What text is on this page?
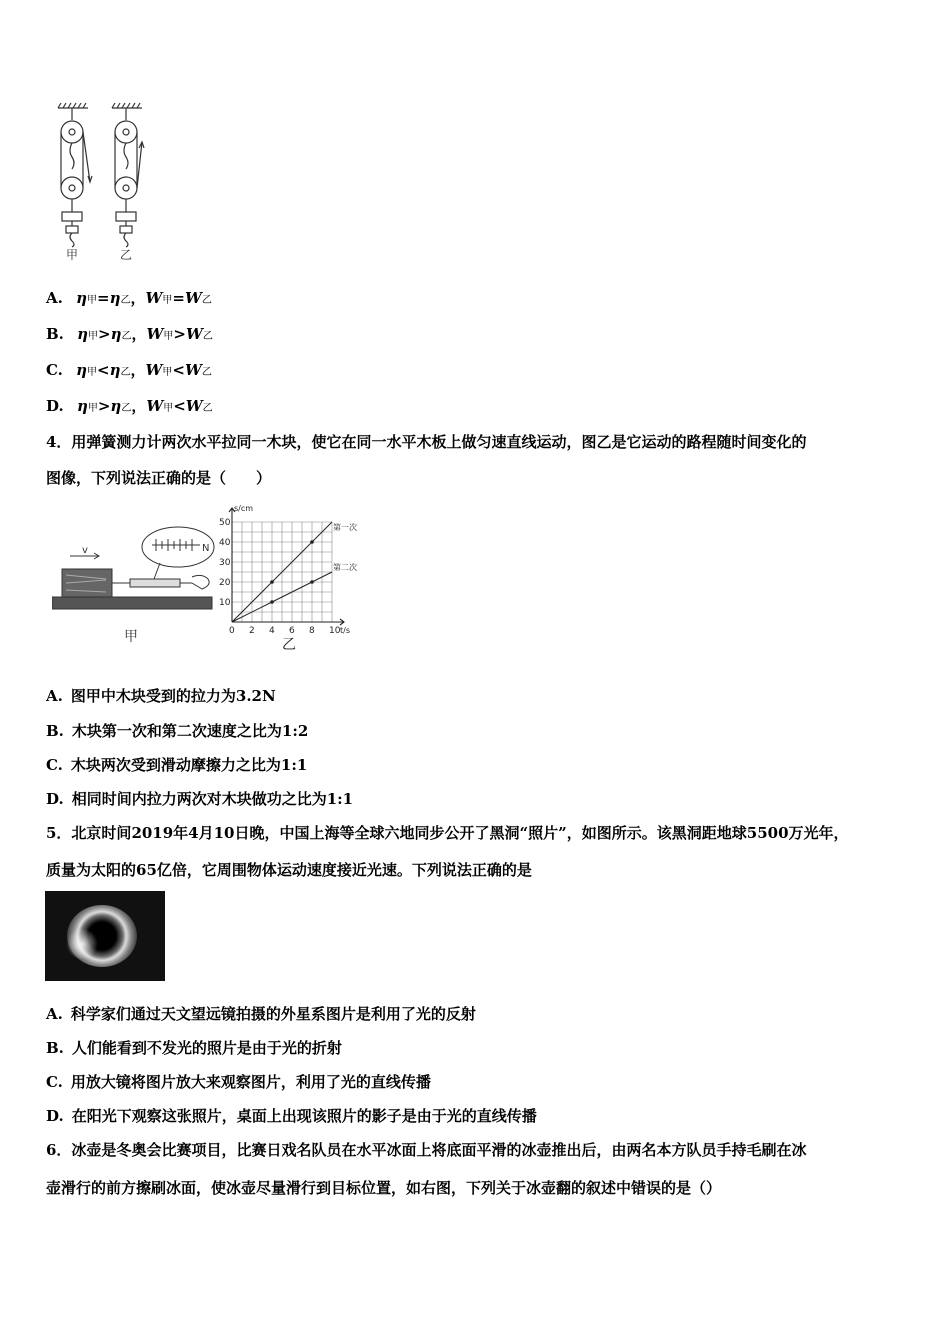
甲	乙
A. η甲=η乙，W甲=W乙
B. η甲>η乙，W甲>W乙
C. η甲<η乙，W甲<W乙
D. η甲>η乙，W甲<W乙
4．用弹簧测力计两次水平拉同一木块，使它在同一水平木板上做匀速直线运动，图乙是它运动的路程随时间变化的
图像，下列说法正确的是（　　）
v	N
甲	0 2 4 6 8 10
10
20
30
40
50
s/cm
t/s
第一次
第二次
乙
A. 图甲中木块受到的拉力为3.2N
B. 木块第一次和第二次速度之比为1:2
C. 木块两次受到滑动摩擦力之比为1:1
D. 相同时间内拉力两次对木块做功之比为1:1
5．北京时间2019年4月10日晚，中国上海等全球六地同步公开了黑洞“照片”，如图所示。该黑洞距地球5500万光年，
质量为太阳的65亿倍，它周围物体运动速度接近光速。下列说法正确的是
A. 科学家们通过天文望远镜拍摄的外星系图片是利用了光的反射
B. 人们能看到不发光的照片是由于光的折射
C. 用放大镜将图片放大来观察图片，利用了光的直线传播
D. 在阳光下观察这张照片，桌面上出现该照片的影子是由于光的直线传播
6．冰壶是冬奥会比赛项目，比赛日戏名队员在水平冰面上将底面平滑的冰壶推出后，由两名本方队员手持毛刷在冰
壶滑行的前方擦刷冰面，使冰壶尽量滑行到目标位置，如右图，下列关于冰壶翻的叙述中错误的是（）
